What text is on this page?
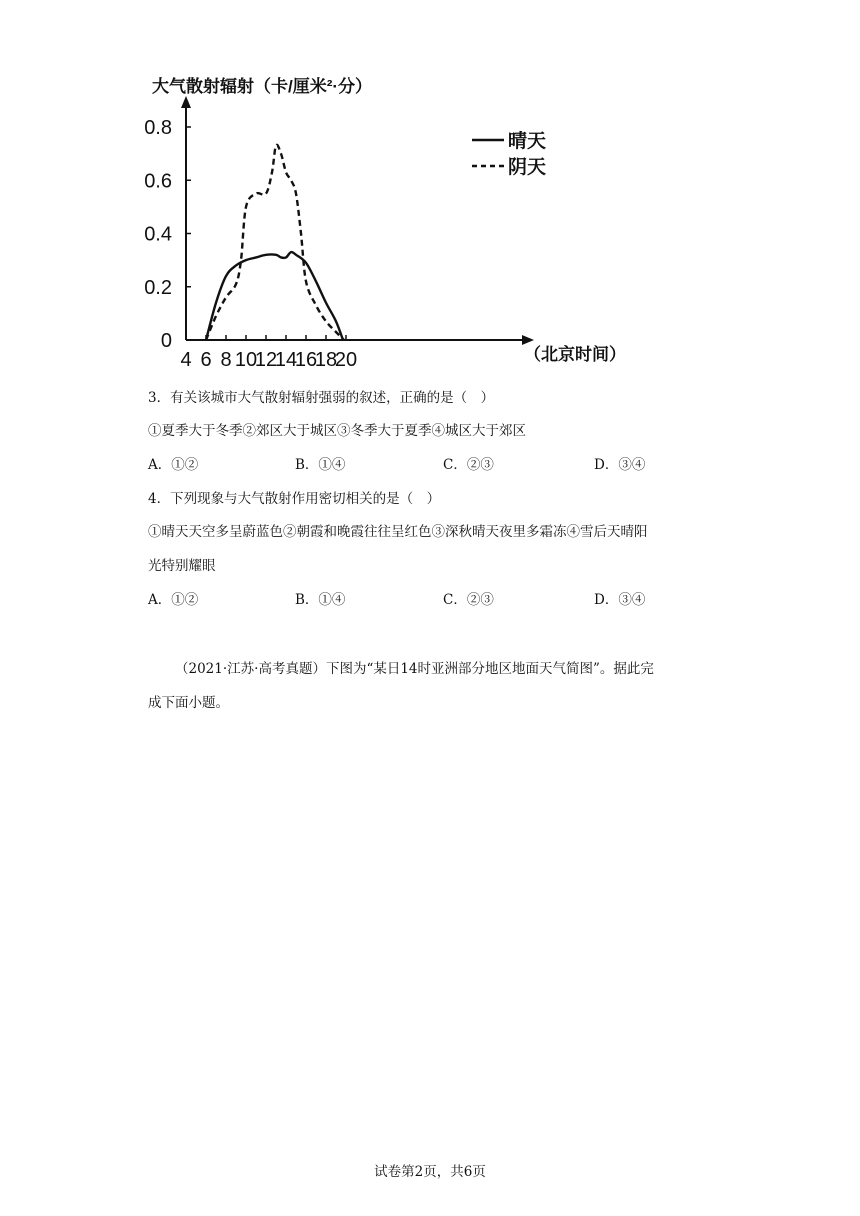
4 6 8 10
12
14
16
18
20
0
0.2
0.4
0.6
0.8
大气散射辐射（卡/厘米²·分）
（北京时间）
晴天
阴天
3．有关该城市大气散射辐射强弱的叙述，正确的是（　）
①夏季大于冬季②郊区大于城区③冬季大于夏季④城区大于郊区
A．①②	B．①④	C．②③	D．③④
4．下列现象与大气散射作用密切相关的是（　）
①晴天天空多呈蔚蓝色②朝霞和晚霞往往呈红色③深秋晴天夜里多霜冻④雪后天晴阳
光特别耀眼
A．①②	B．①④	C．②③	D．③④
（2021·江苏·高考真题）下图为“某日14时亚洲部分地区地面天气简图”。据此完
成下面小题。
试卷第2页，共6页
